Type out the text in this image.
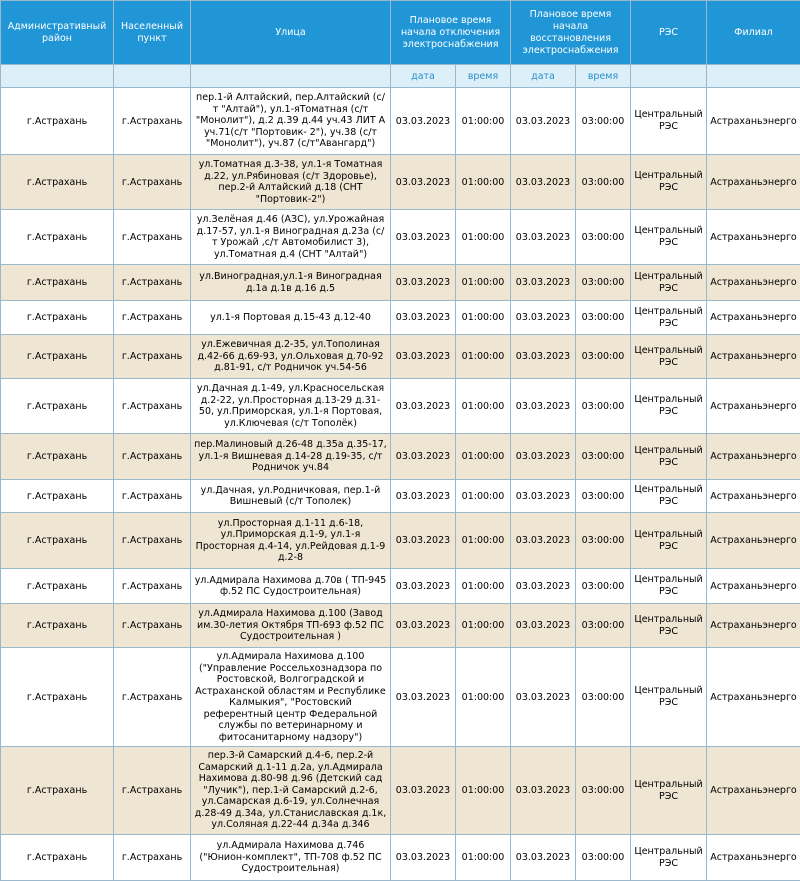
Административный район	Населенный пункт	Улица	Плановое время начала отключения электроснабжения		Плановое время начала восстановления электроснабжения		РЭС	Филиал
			дата	время	дата	время		
г.Астрахань	г.Астрахань	пер.1-й Алтайский, пер.Алтайский (с/т "Алтай"), ул.1-яТоматная (с/т "Монолит"), д.2 д.39 д.44 уч.43 ЛИТ А уч.71(с/т "Портовик- 2"), уч.38 (с/т "Монолит"), уч.87 (с/т"Авангард")	03.03.2023	01:00:00	03.03.2023	03:00:00	Центральный РЭС	Астраханьэнерго
г.Астрахань	г.Астрахань	ул.Томатная д.3-38, ул.1-я Томатная д.22, ул.Рябиновая (с/т Здоровье), пер.2-й Алтайский д.18 (СНТ "Портовик-2")	03.03.2023	01:00:00	03.03.2023	03:00:00	Центральный РЭС	Астраханьэнерго
г.Астрахань	г.Астрахань	ул.Зелёная д.46 (АЗС), ул.Урожайная д.17-57, ул.1-я Виноградная д.23а (с/т Урожай ,с/т Автомобилист 3), ул.Томатная д.4 (СНТ "Алтай")	03.03.2023	01:00:00	03.03.2023	03:00:00	Центральный РЭС	Астраханьэнерго
г.Астрахань	г.Астрахань	ул.Виноградная,ул.1-я Виноградная д.1а д.1в д.16 д.5	03.03.2023	01:00:00	03.03.2023	03:00:00	Центральный РЭС	Астраханьэнерго
г.Астрахань	г.Астрахань	ул.1-я Портовая д.15-43 д.12-40	03.03.2023	01:00:00	03.03.2023	03:00:00	Центральный РЭС	Астраханьэнерго
г.Астрахань	г.Астрахань	ул.Ежевичная д.2-35, ул.Тополиная д.42-66 д.69-93, ул.Ольховая д.70-92 д.81-91, с/т Родничок уч.54-56	03.03.2023	01:00:00	03.03.2023	03:00:00	Центральный РЭС	Астраханьэнерго
г.Астрахань	г.Астрахань	ул.Дачная д.1-49, ул.Красносельская д.2-22, ул.Просторная д.13-29 д.31-50, ул.Приморская, ул.1-я Портовая, ул.Ключевая (с/т Тополёк)	03.03.2023	01:00:00	03.03.2023	03:00:00	Центральный РЭС	Астраханьэнерго
г.Астрахань	г.Астрахань	пер.Малиновый д.26-48 д.35а д.35-17, ул.1-я Вишневая д.14-28 д.19-35, с/т Родничок уч.84	03.03.2023	01:00:00	03.03.2023	03:00:00	Центральный РЭС	Астраханьэнерго
г.Астрахань	г.Астрахань	ул.Дачная, ул.Родничковая, пер.1-й Вишневый (с/т Тополек)	03.03.2023	01:00:00	03.03.2023	03:00:00	Центральный РЭС	Астраханьэнерго
г.Астрахань	г.Астрахань	ул.Просторная д.1-11 д.6-18, ул.Приморская д.1-9, ул.1-я Просторная д.4-14, ул.Рейдовая д.1-9 д.2-8	03.03.2023	01:00:00	03.03.2023	03:00:00	Центральный РЭС	Астраханьэнерго
г.Астрахань	г.Астрахань	ул.Адмирала Нахимова д.70в ( ТП-945 ф.52 ПС Судостроительная)	03.03.2023	01:00:00	03.03.2023	03:00:00	Центральный РЭС	Астраханьэнерго
г.Астрахань	г.Астрахань	ул.Адмирала Нахимова д.100 (Завод им.30-летия Октября ТП-693 ф.52 ПС Судостроительная )	03.03.2023	01:00:00	03.03.2023	03:00:00	Центральный РЭС	Астраханьэнерго
г.Астрахань	г.Астрахань	ул.Адмирала Нахимова д.100 ("Управление Россельхознадзора по Ростовской, Волгоградской и Астраханской областям и Республике Калмыкия", "Ростовский референтный центр Федеральной службы по ветеринарному и фитосанитарному надзору")	03.03.2023	01:00:00	03.03.2023	03:00:00	Центральный РЭС	Астраханьэнерго
г.Астрахань	г.Астрахань	пер.3-й Самарский д.4-6, пер.2-й Самарский д.1-11 д.2а, ул.Адмирала Нахимова д.80-98 д.96 (Детский сад "Лучик"), пер.1-й Самарский д.2-6, ул.Самарская д.6-19, ул.Солнечная д.28-49 д.34а, ул.Станиславская д.1к, ул.Соляная д.22-44 д.34а д.346	03.03.2023	01:00:00	03.03.2023	03:00:00	Центральный РЭС	Астраханьэнерго
г.Астрахань	г.Астрахань	ул.Адмирала Нахимова д.746 ("Юнион-комплект", ТП-708 ф.52 ПС Судостроительная)	03.03.2023	01:00:00	03.03.2023	03:00:00	Центральный РЭС	Астраханьэнерго
